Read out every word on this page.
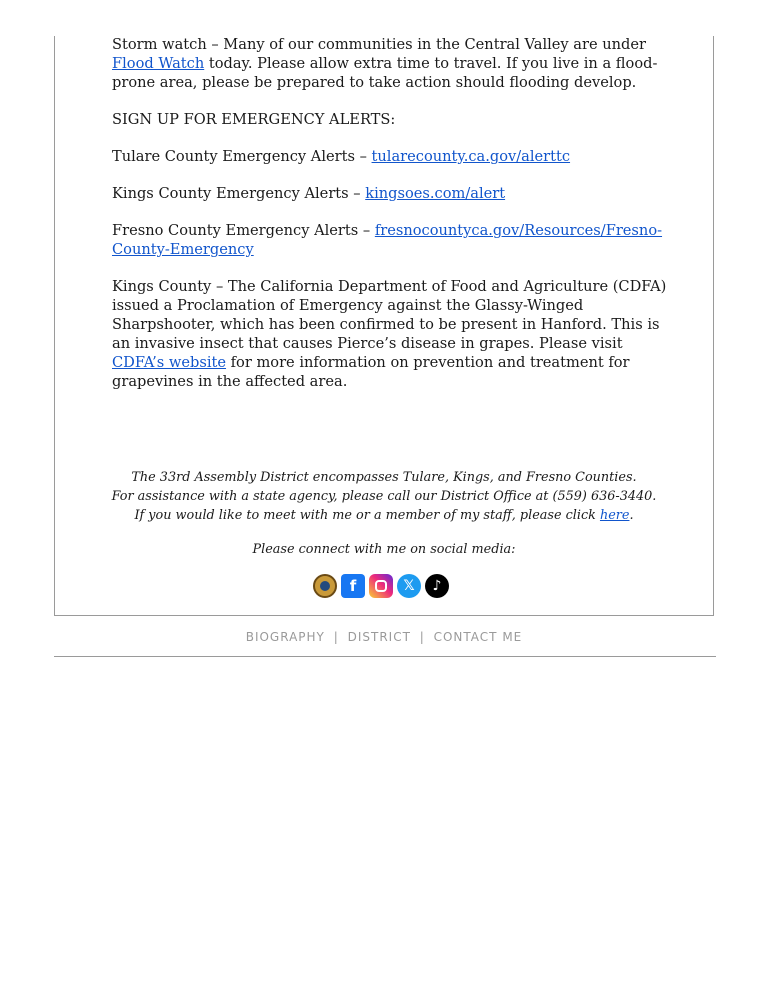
Storm watch – Many of our communities in the Central Valley are under Flood Watch today. Please allow extra time to travel. If you live in a flood-prone area, please be prepared to take action should flooding develop.

SIGN UP FOR EMERGENCY ALERTS:

Tulare County Emergency Alerts – tularecounty.ca.gov/alerttc

Kings County Emergency Alerts – kingsoes.com/alert

Fresno County Emergency Alerts – fresnocountyca.gov/Resources/Fresno-County-Emergency

Kings County – The California Department of Food and Agriculture (CDFA) issued a Proclamation of Emergency against the Glassy-Winged Sharpshooter, which has been confirmed to be present in Hanford. This is an invasive insect that causes Pierce’s disease in grapes. Please visit CDFA’s website for more information on prevention and treatment for grapevines in the affected area.

The 33rd Assembly District encompasses Tulare, Kings, and Fresno Counties.

For assistance with a state agency, please call our District Office at (559) 636-3440.

If you would like to meet with me or a member of my staff, please click here.

Please connect with me on social media:
f	𝕏	♪
BIOGRAPHY | DISTRICT | CONTACT ME
